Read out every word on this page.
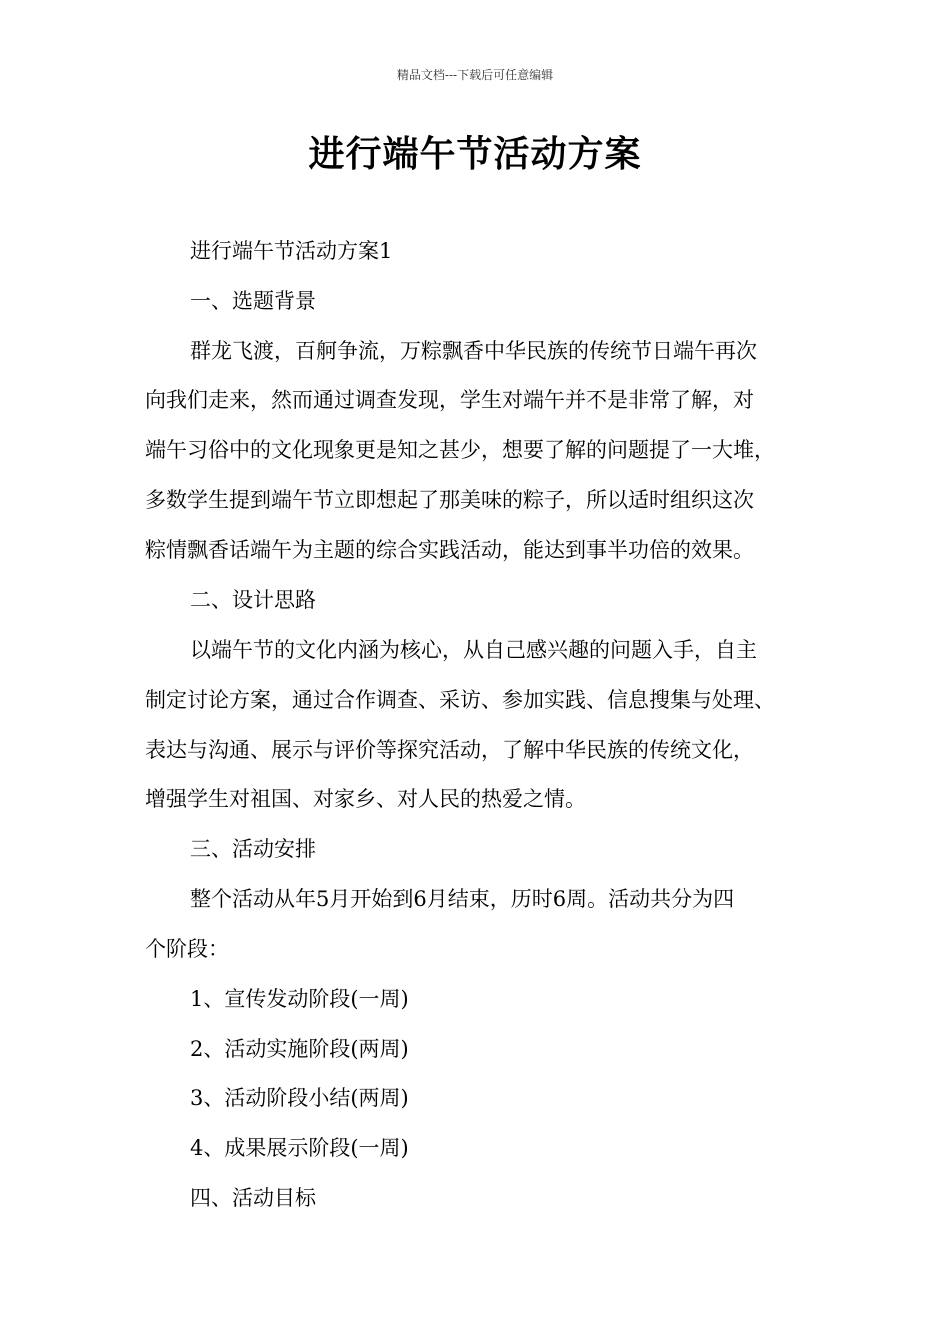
精品文档---下载后可任意编辑
进行端午节活动方案
进行端午节活动方案1
一、选题背景
群龙飞渡，百舸争流，万粽飘香中华民族的传统节日端午再次
向我们走来，然而通过调查发现，学生对端午并不是非常了解，对
端午习俗中的文化现象更是知之甚少，想要了解的问题提了一大堆，
多数学生提到端午节立即想起了那美味的粽子，所以适时组织这次
粽情飘香话端午为主题的综合实践活动，能达到事半功倍的效果。
二、设计思路
以端午节的文化内涵为核心，从自己感兴趣的问题入手，自主
制定讨论方案，通过合作调查、采访、参加实践、信息搜集与处理、
表达与沟通、展示与评价等探究活动，了解中华民族的传统文化，
增强学生对祖国、对家乡、对人民的热爱之情。
三、活动安排
整个活动从年5月开始到6月结束，历时6周。活动共分为四
个阶段：
1、宣传发动阶段(一周)
2、活动实施阶段(两周)
3、活动阶段小结(两周)
4、成果展示阶段(一周)
四、活动目标
